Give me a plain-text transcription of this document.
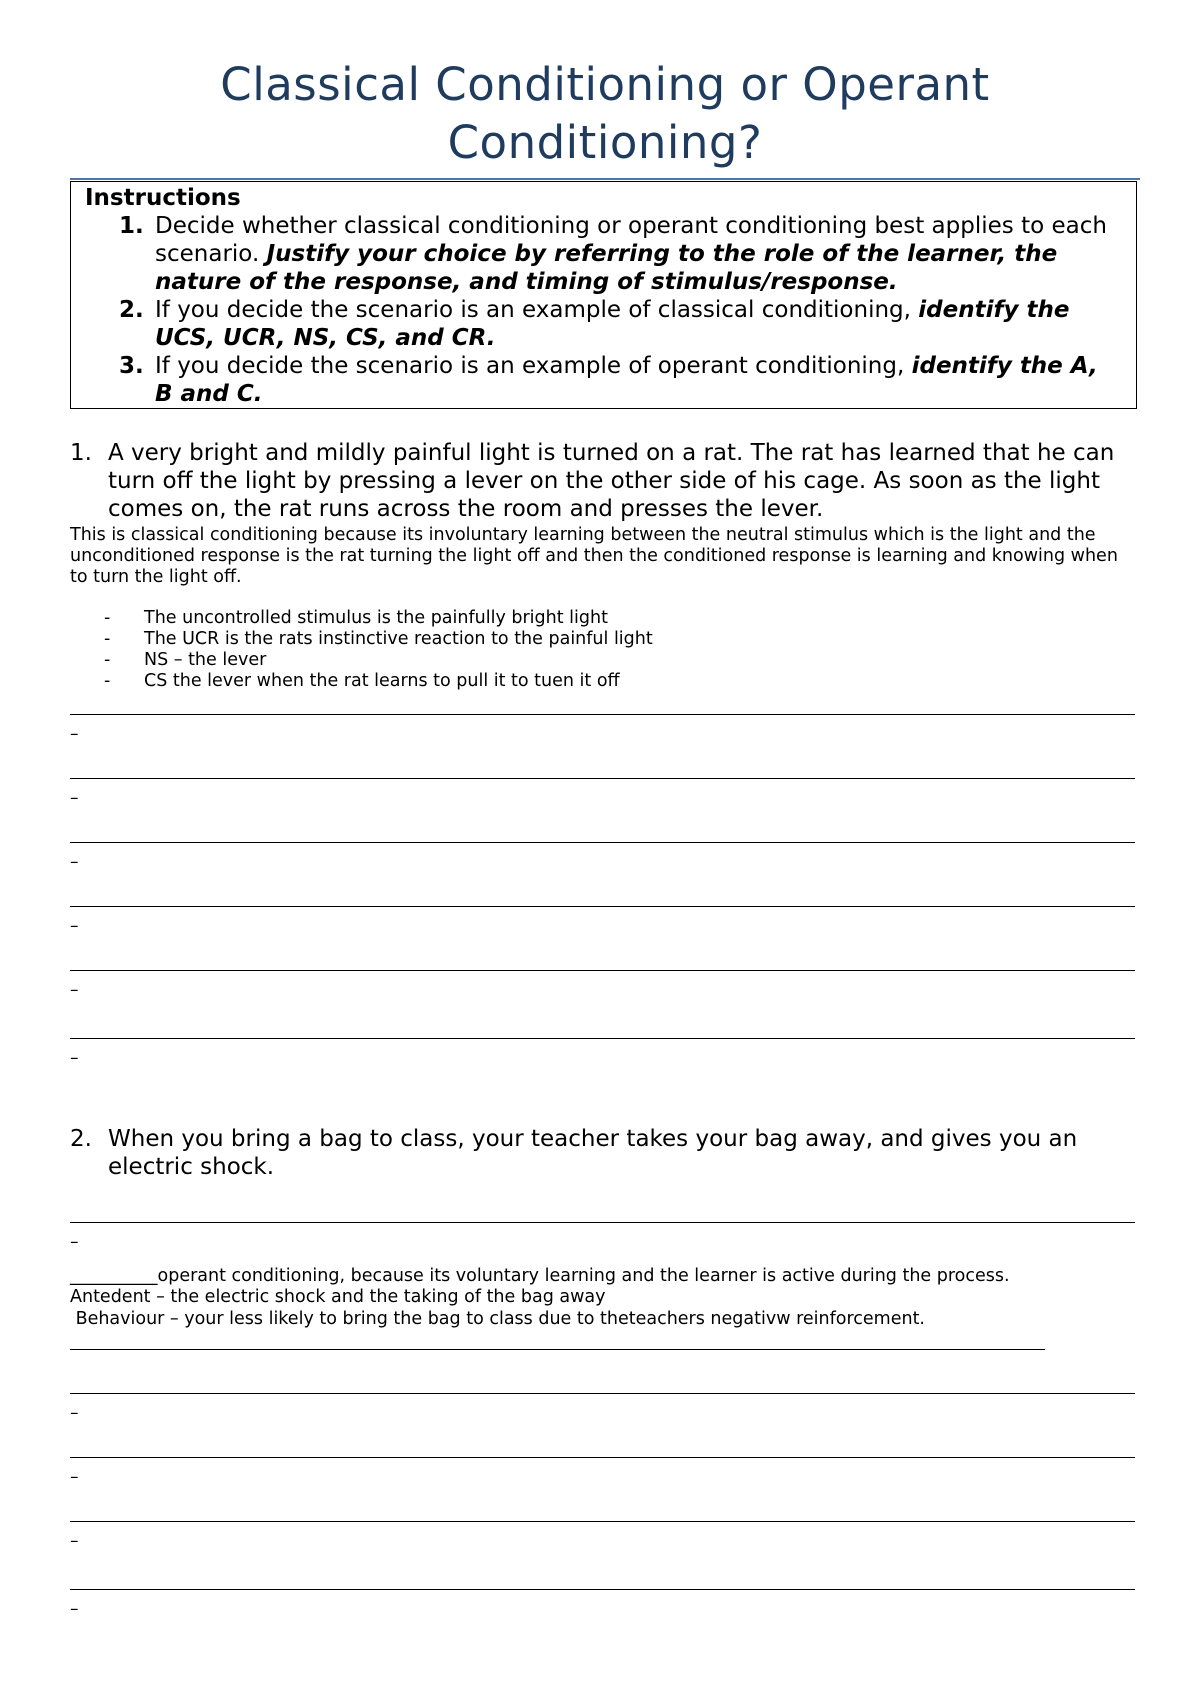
Classical Conditioning or Operant
Conditioning?
Instructions
1. Decide whether classical conditioning or operant conditioning best applies to each scenario. Justify your choice by referring to the role of the learner, the nature of the response, and timing of stimulus/response.
2. If you decide the scenario is an example of classical conditioning, identify the UCS, UCR, NS, CS, and CR.
3. If you decide the scenario is an example of operant conditioning, identify the A, B and C.
1. A very bright and mildly painful light is turned on a rat. The rat has learned that he can turn off the light by pressing a lever on the other side of his cage. As soon as the light comes on, the rat runs across the room and presses the lever.
This is classical conditioning because its involuntary learning between the neutral stimulus which is the light and the unconditioned response is the rat turning the light off and then the conditioned response is learning and knowing when to turn the light off.
- The uncontrolled stimulus is the painfully bright light
- The UCR is the rats instinctive reaction to the painful light
- NS – the lever
- CS the lever when the rat learns to pull it to tuen it off
–
–
–
–
–
–
2. When you bring a bag to class, your teacher takes your bag away, and gives you an electric shock.
–
__________operant conditioning, because its voluntary learning and the learner is active during the process.
Antedent – the electric shock and the taking of the bag away
Behaviour – your less likely to bring the bag to class due to theteachers negativw reinforcement.
–
–
–
–
